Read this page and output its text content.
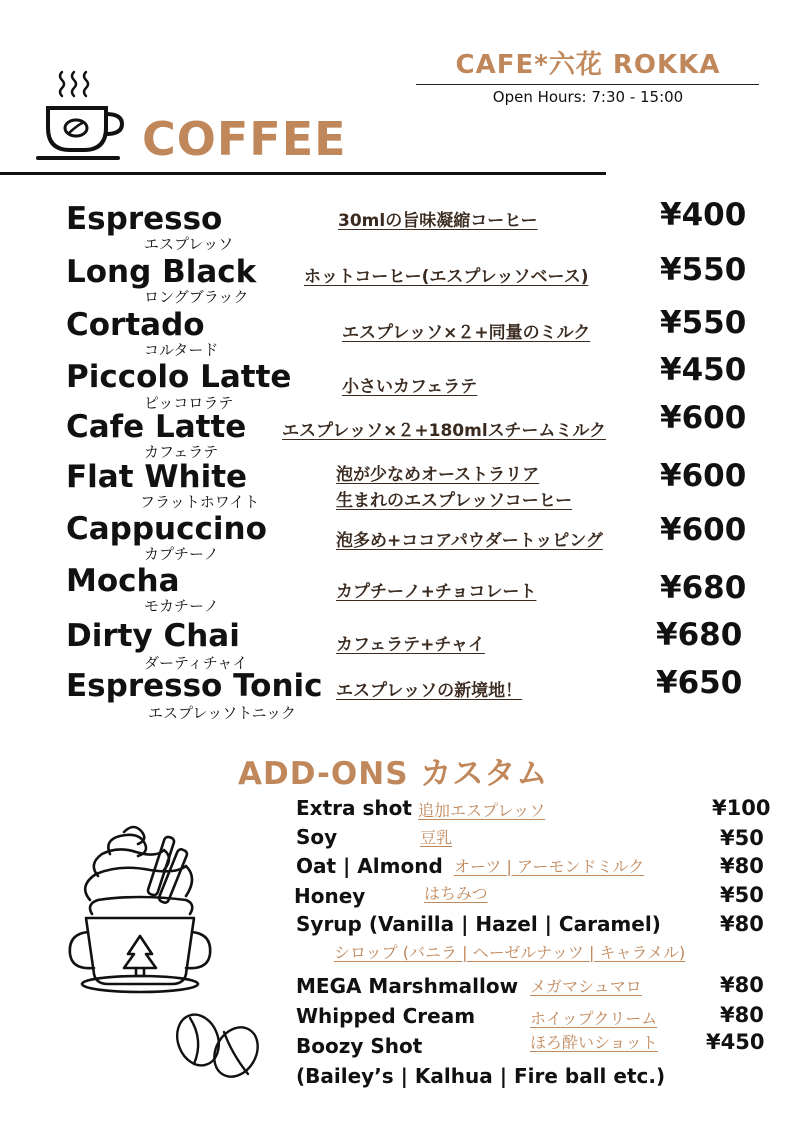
CAFE*六花 ROKKA
Open Hours: 7:30 - 15:00
COFFEE
Espresso
エスプレッソ
30mlの旨味凝縮コーヒー	¥400
Long Black
ロングブラック
ホットコーヒー(エスプレッソベース) ¥550
Cortado
コルタード
エスプレッソ×２+同量のミルク ¥550
Piccolo Latte
ピッコロラテ
小さいカフェラテ	¥450
Cafe Latte
カフェラテ
エスプレッソ×２+180mlスチームミルク ¥600
Flat White
フラットホワイト
泡が少なめオーストラリア
生まれのエスプレッソコーヒー
¥600
Cappuccino
カプチーノ
泡多め+ココアパウダートッピング ¥600
Mocha
モカチーノ
カプチーノ+チョコレート	¥680
Dirty Chai
ダーティチャイ
カフェラテ+チャイ	¥680
Espresso Tonic
エスプレッソトニック
エスプレッソの新境地！	¥650
ADD-ONS カスタム
Extra shot 追加エスプレッソ	¥100
Soy	豆乳	¥50
Oat | Almond オーツ | アーモンドミルク	¥80
Honey	はちみつ	¥50
Syrup (Vanilla | Hazel | Caramel)
シロップ (バニラ | ヘーゼルナッツ | キャラメル)
¥80
MEGA Marshmallow メガマシュマロ	¥80
Whipped Cream	ホイップクリーム	¥80
Boozy Shot	ほろ酔いショット ¥450
(Bailey’s | Kalhua | Fire ball etc.)
